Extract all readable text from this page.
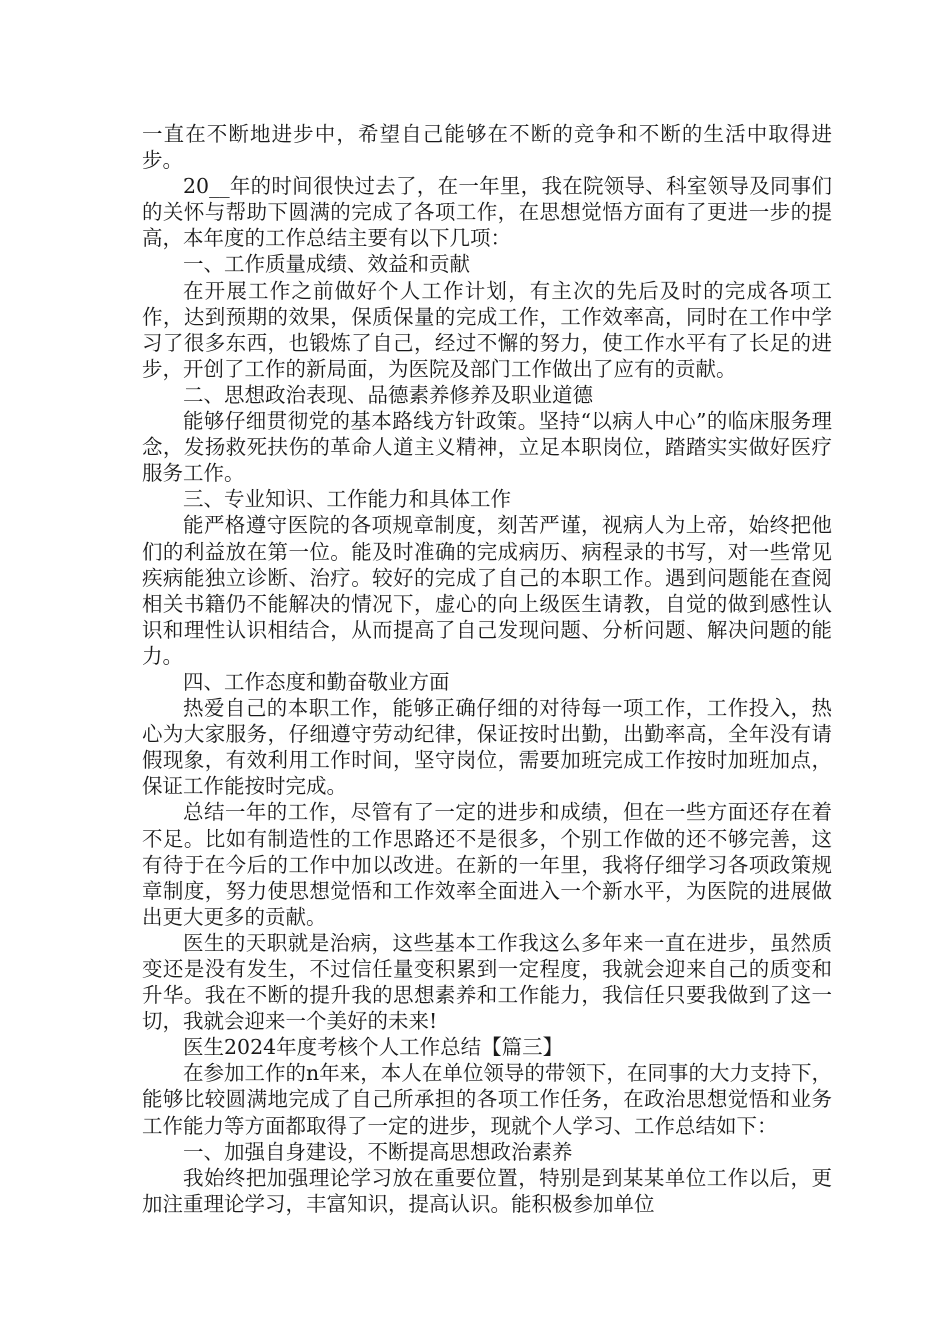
一直在不断地进步中，希望自己能够在不断的竞争和不断的生活中取得进步。

20__年的时间很快过去了，在一年里，我在院领导、科室领导及同事们的关怀与帮助下圆满的完成了各项工作，在思想觉悟方面有了更进一步的提高，本年度的工作总结主要有以下几项：

一、工作质量成绩、效益和贡献

在开展工作之前做好个人工作计划，有主次的先后及时的完成各项工作，达到预期的效果，保质保量的完成工作，工作效率高，同时在工作中学习了很多东西，也锻炼了自己，经过不懈的努力，使工作水平有了长足的进步，开创了工作的新局面，为医院及部门工作做出了应有的贡献。

二、思想政治表现、品德素养修养及职业道德

能够仔细贯彻党的基本路线方针政策。坚持“以病人中心”的临床服务理念，发扬救死扶伤的革命人道主义精神，立足本职岗位，踏踏实实做好医疗服务工作。

三、专业知识、工作能力和具体工作

能严格遵守医院的各项规章制度，刻苦严谨，视病人为上帝，始终把他们的利益放在第一位。能及时准确的完成病历、病程录的书写，对一些常见疾病能独立诊断、治疗。较好的完成了自己的本职工作。遇到问题能在查阅相关书籍仍不能解决的情况下，虚心的向上级医生请教，自觉的做到感性认识和理性认识相结合，从而提高了自己发现问题、分析问题、解决问题的能力。

四、工作态度和勤奋敬业方面

热爱自己的本职工作，能够正确仔细的对待每一项工作，工作投入，热心为大家服务，仔细遵守劳动纪律，保证按时出勤，出勤率高，全年没有请假现象，有效利用工作时间，坚守岗位，需要加班完成工作按时加班加点，保证工作能按时完成。

总结一年的工作，尽管有了一定的进步和成绩，但在一些方面还存在着不足。比如有制造性的工作思路还不是很多，个别工作做的还不够完善，这有待于在今后的工作中加以改进。在新的一年里，我将仔细学习各项政策规章制度，努力使思想觉悟和工作效率全面进入一个新水平，为医院的进展做出更大更多的贡献。

医生的天职就是治病，这些基本工作我这么多年来一直在进步，虽然质变还是没有发生，不过信任量变积累到一定程度，我就会迎来自己的质变和升华。我在不断的提升我的思想素养和工作能力，我信任只要我做到了这一切，我就会迎来一个美好的未来!

医生2024年度考核个人工作总结【篇三】

在参加工作的n年来，本人在单位领导的带领下，在同事的大力支持下，能够比较圆满地完成了自己所承担的各项工作任务，在政治思想觉悟和业务工作能力等方面都取得了一定的进步，现就个人学习、工作总结如下：

一、加强自身建设，不断提高思想政治素养

我始终把加强理论学习放在重要位置，特别是到某某单位工作以后，更加注重理论学习，丰富知识，提高认识。能积极参加单位
